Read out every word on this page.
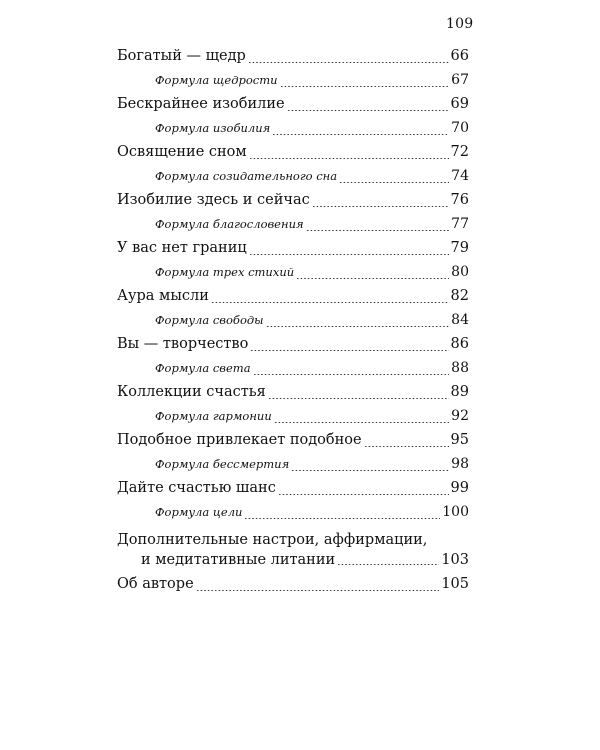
109
Богатый — щедр	66
Формула щедрости	67
Бескрайнее изобилие	69
Формула изобилия	70
Освящение сном	72
Формула созидательного сна	74
Изобилие здесь и сейчас	76
Формула благословения	77
У вас нет границ	79
Формула трех стихий	80
Аура мысли	82
Формула свободы	84
Вы — творчество	86
Формула света	88
Коллекции счастья	89
Формула гармонии	92
Подобное привлекает подобное	95
Формула бессмертия	98
Дайте счастью шанс	99
Формула цели	100
Дополнительные настрои, аффирмации,
и медитативные литании	103
Об авторе	105
